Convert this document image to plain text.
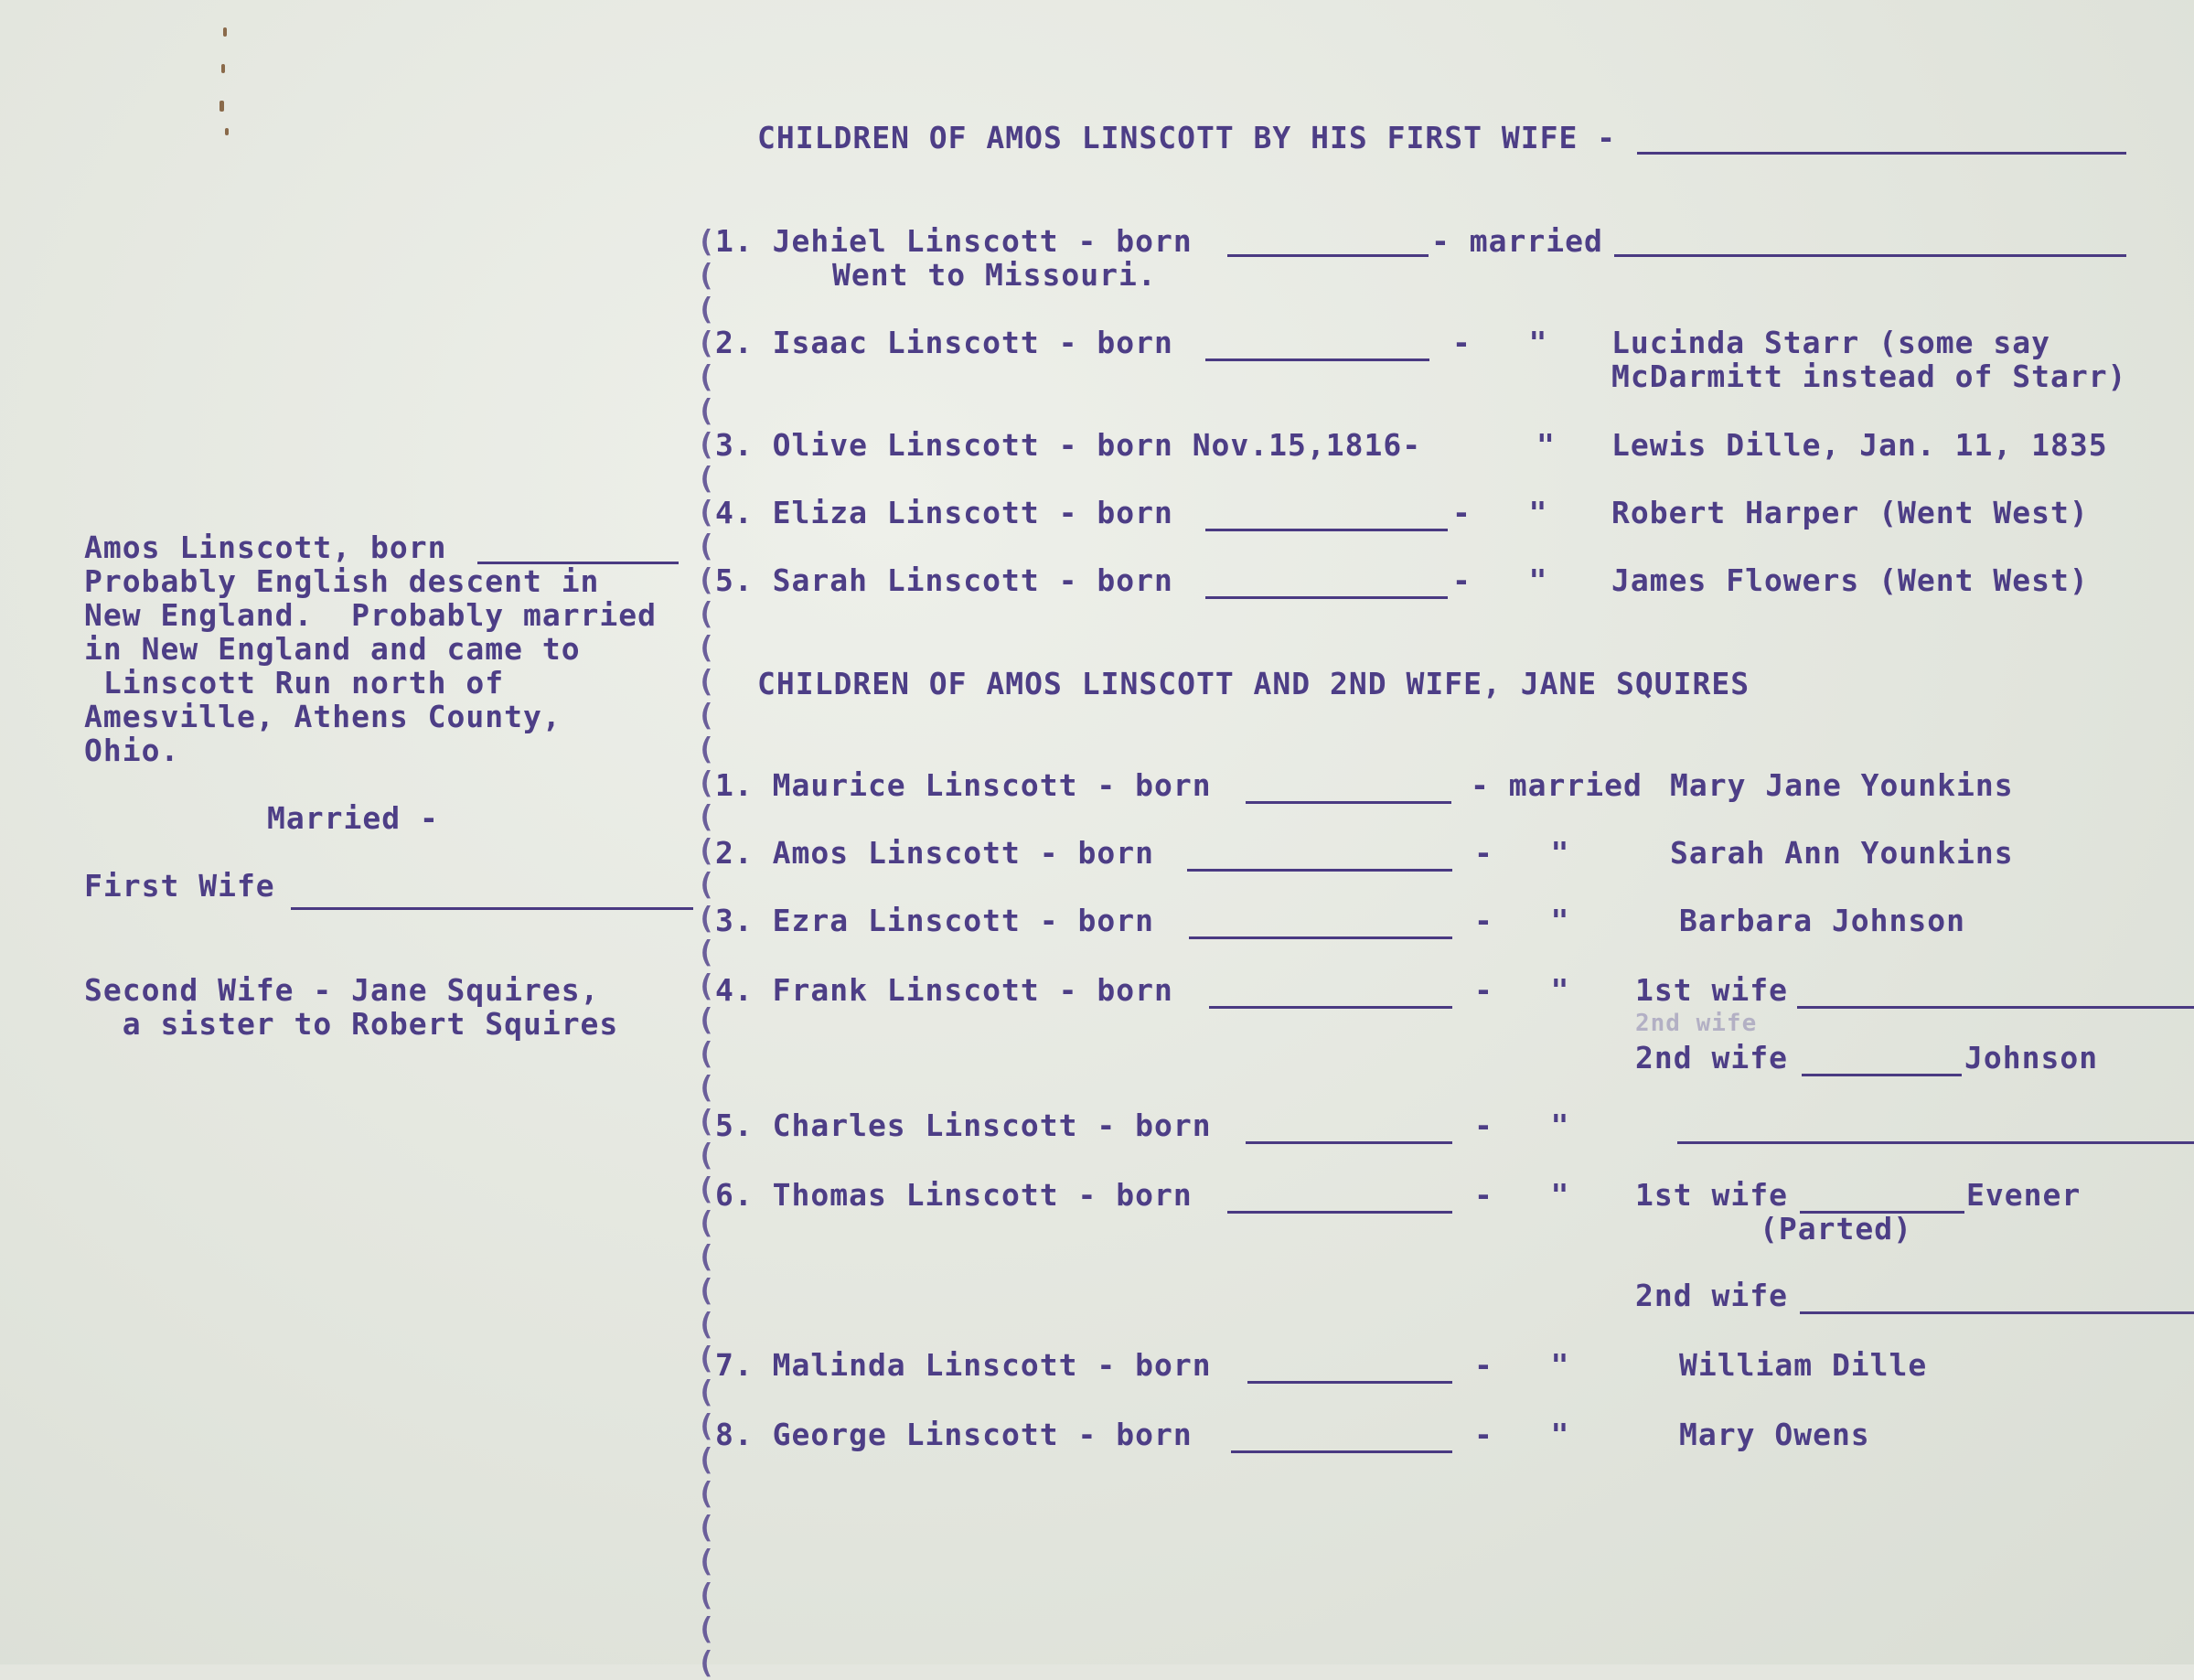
CHILDREN OF AMOS LINSCOTT BY HIS FIRST WIFE -
Amos Linscott, born
Probably English descent in
New England.  Probably married
in New England and came to
Linscott Run north of
Amesville, Athens County,
Ohio.
Married -
First Wife
Second Wife - Jane Squires,
a sister to Robert Squires
(
(
(
(
(
(
(
(
(
(
(
(
(
(
(
(
(
(
(
(
(
(
(
(
(
(
(
(
(
(
(
(
(
(
(
(
(
(
(
(
(
(
(
1. Jehiel Linscott - born	- married
Went to Missouri.
2. Isaac Linscott - born	-   " Lucinda Starr (some say
McDarmitt instead of Starr)
3. Olive Linscott - born Nov.15,1816-	" Lewis Dille, Jan. 11, 1835
4. Eliza Linscott - born	-   " Robert Harper (Went West)
5. Sarah Linscott - born	-   " James Flowers (Went West)
CHILDREN OF AMOS LINSCOTT AND 2ND WIFE, JANE SQUIRES
1. Maurice Linscott - born	- married Mary Jane Younkins
2. Amos Linscott - born	-   "	Sarah Ann Younkins
3. Ezra Linscott - born	-   "	Barbara Johnson
4. Frank Linscott - born	-   " 1st wife
2nd wife
2nd wife	Johnson
5. Charles Linscott - born	-   "
6. Thomas Linscott - born	-   " 1st wife	Evener
(Parted)
2nd wife
7. Malinda Linscott - born	-   "	William Dille
8. George Linscott - born	-   "	Mary Owens
